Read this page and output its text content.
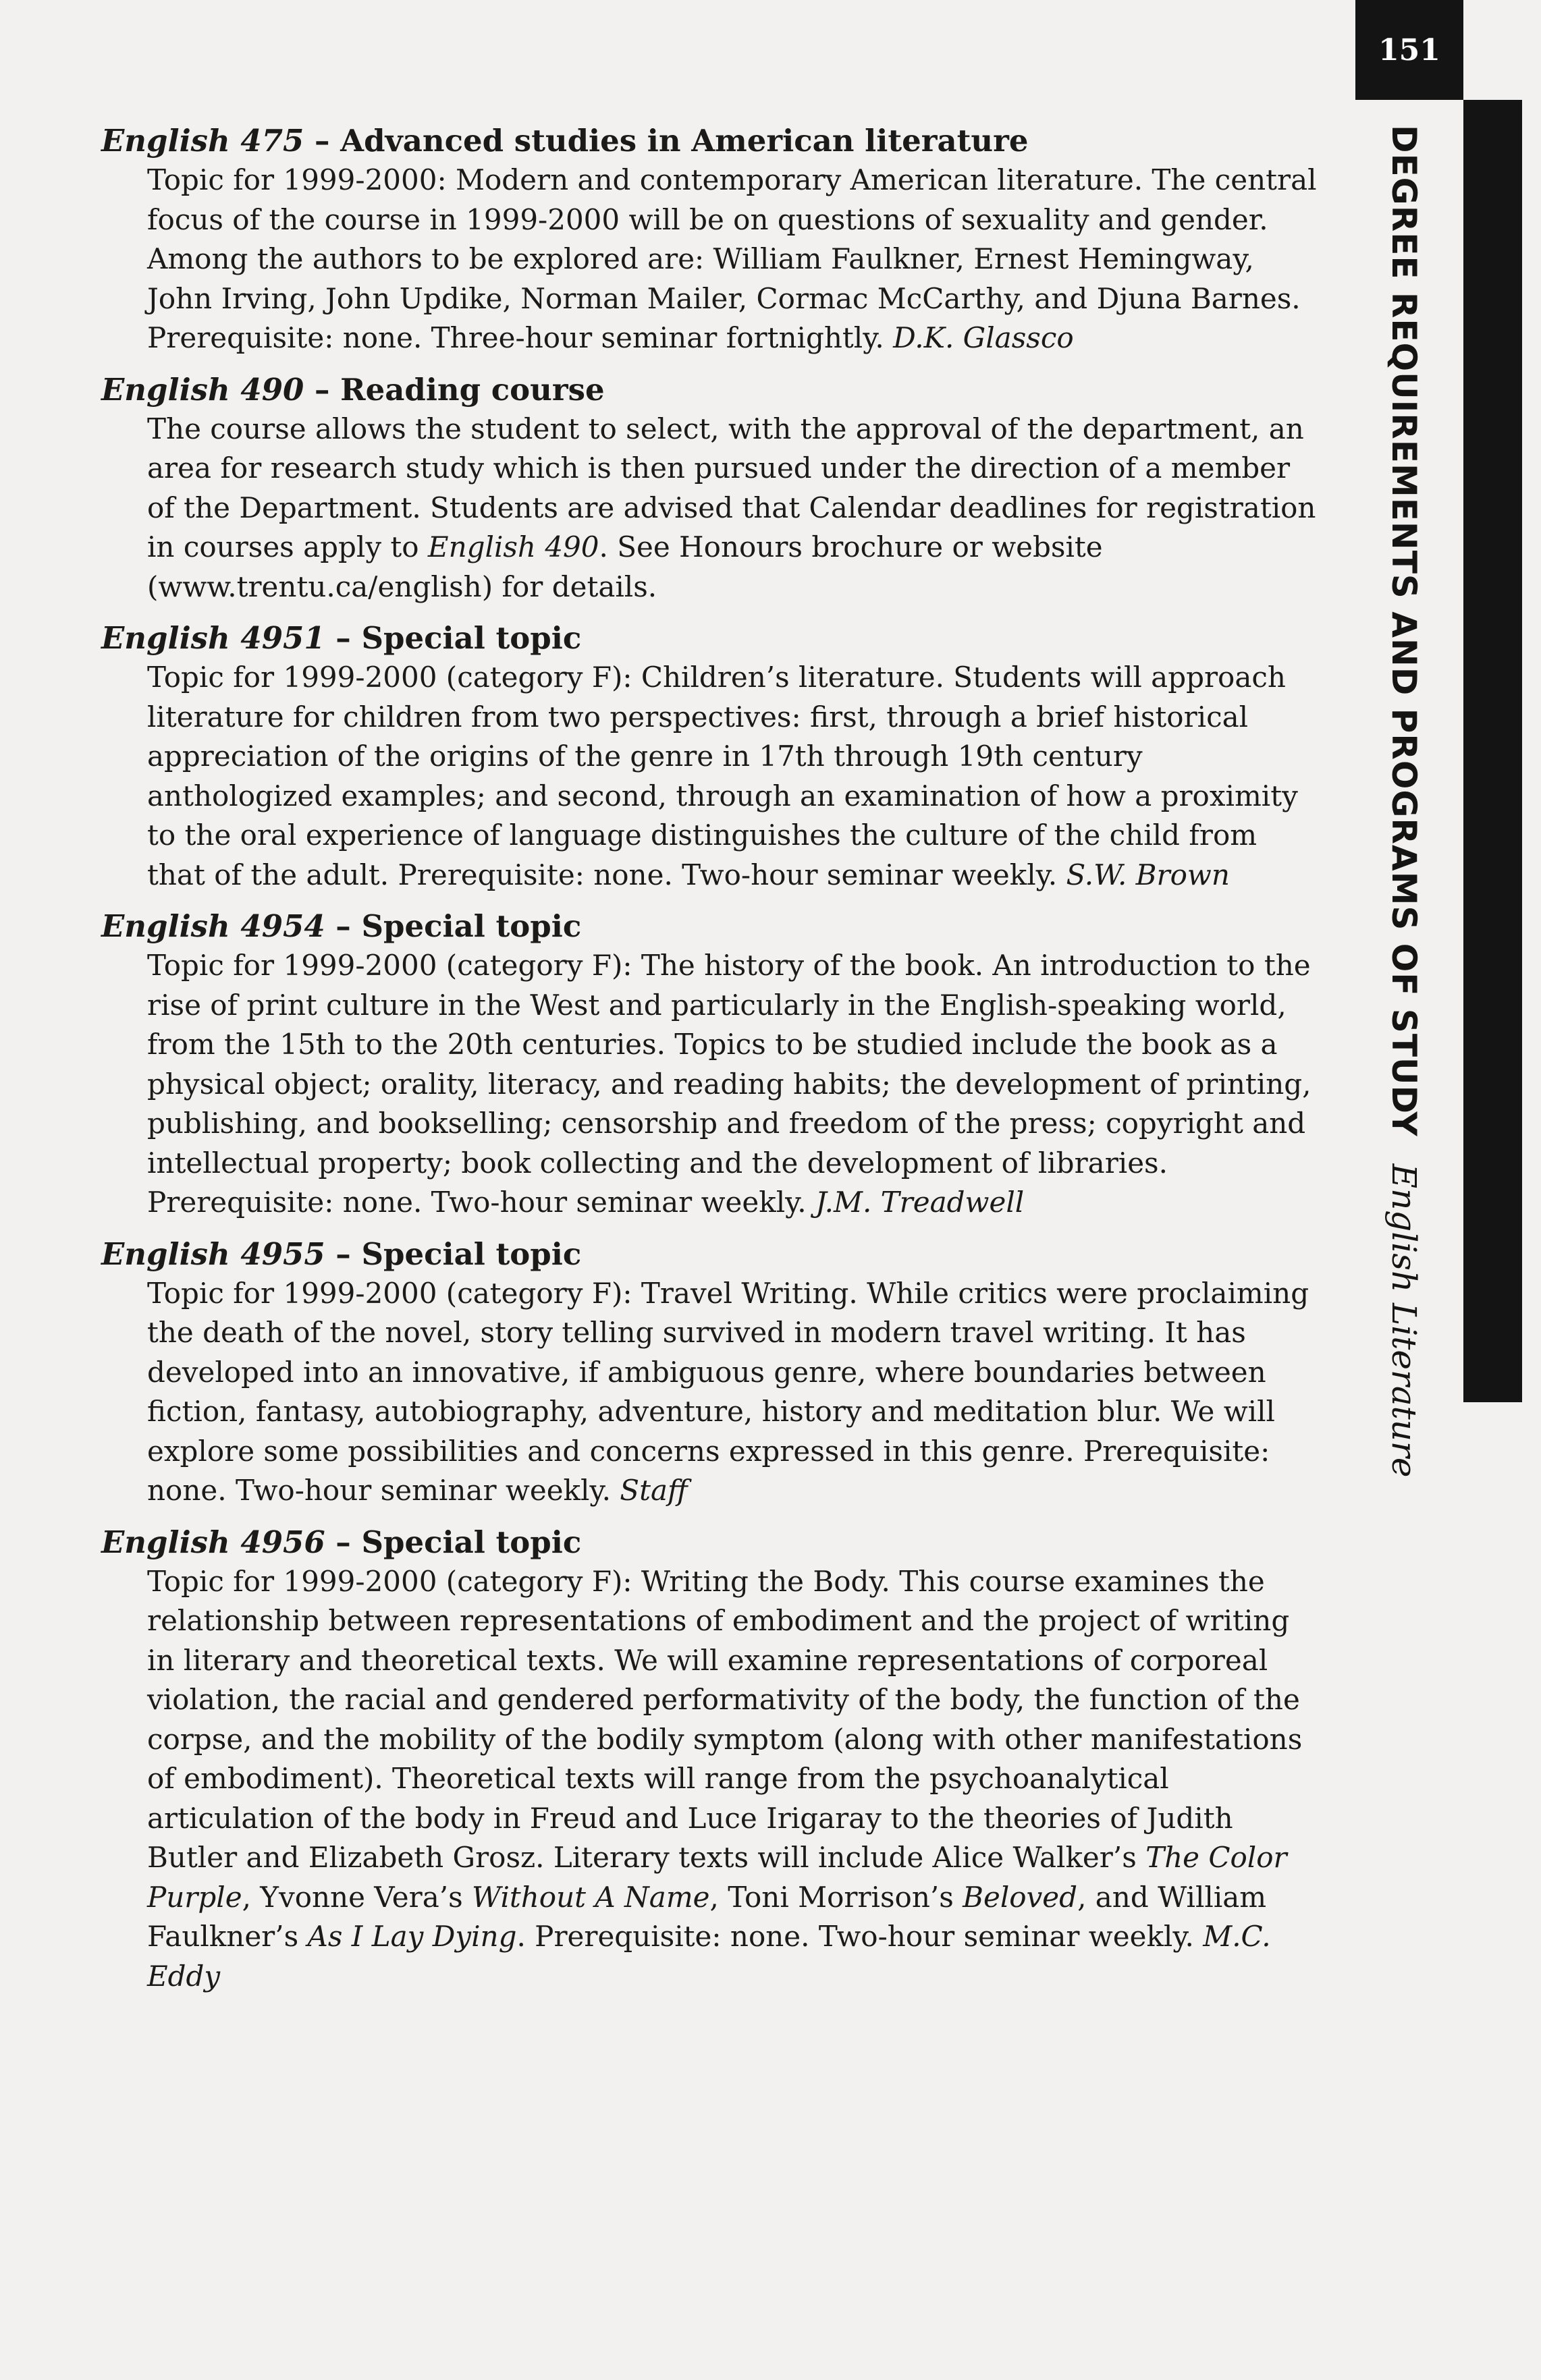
151
DEGREE REQUIREMENTS AND PROGRAMS OF STUDY
English Literature

English 475 – Advanced studies in American literature

Topic for 1999-2000: Modern and contemporary American literature. The central focus of the course in 1999-2000 will be on questions of sexuality and gender. Among the authors to be explored are: William Faulkner, Ernest Hemingway, John Irving, John Updike, Norman Mailer, Cormac McCarthy, and Djuna Barnes. Prerequisite: none. Three-hour seminar fortnightly. D.K. Glassco

English 490 – Reading course

The course allows the student to select, with the approval of the department, an area for research study which is then pursued under the direction of a member of the Department. Students are advised that Calendar deadlines for registration in courses apply to English 490. See Honours brochure or website (www.trentu.ca/english) for details.

English 4951 – Special topic

Topic for 1999-2000 (category F): Children’s literature. Students will approach literature for children from two perspectives: first, through a brief historical appreciation of the origins of the genre in 17th through 19th century anthologized examples; and second, through an examination of how a proximity to the oral experience of language distinguishes the culture of the child from that of the adult. Prerequisite: none. Two-hour seminar weekly. S.W. Brown

English 4954 – Special topic

Topic for 1999-2000 (category F): The history of the book. An introduction to the rise of print culture in the West and particularly in the English-speaking world, from the 15th to the 20th centuries. Topics to be studied include the book as a physical object; orality, literacy, and reading habits; the development of printing, publishing, and bookselling; censorship and freedom of the press; copyright and intellectual property; book collecting and the development of libraries. Prerequisite: none. Two-hour seminar weekly. J.M. Treadwell

English 4955 – Special topic

Topic for 1999-2000 (category F): Travel Writing. While critics were proclaiming the death of the novel, story telling survived in modern travel writing. It has developed into an innovative, if ambiguous genre, where boundaries between fiction, fantasy, autobiography, adventure, history and meditation blur. We will explore some possibilities and concerns expressed in this genre. Prerequisite: none. Two-hour seminar weekly. Staff

English 4956 – Special topic

Topic for 1999-2000 (category F): Writing the Body. This course examines the relationship between representations of embodiment and the project of writing in literary and theoretical texts. We will examine representations of corporeal violation, the racial and gendered performativity of the body, the function of the corpse, and the mobility of the bodily symptom (along with other manifestations of embodiment). Theoretical texts will range from the psychoanalytical articulation of the body in Freud and Luce Irigaray to the theories of Judith Butler and Elizabeth Grosz. Literary texts will include Alice Walker’s The Color Purple, Yvonne Vera’s Without A Name, Toni Morrison’s Beloved, and William Faulkner’s As I Lay Dying. Prerequisite: none. Two-hour seminar weekly. M.C. Eddy
